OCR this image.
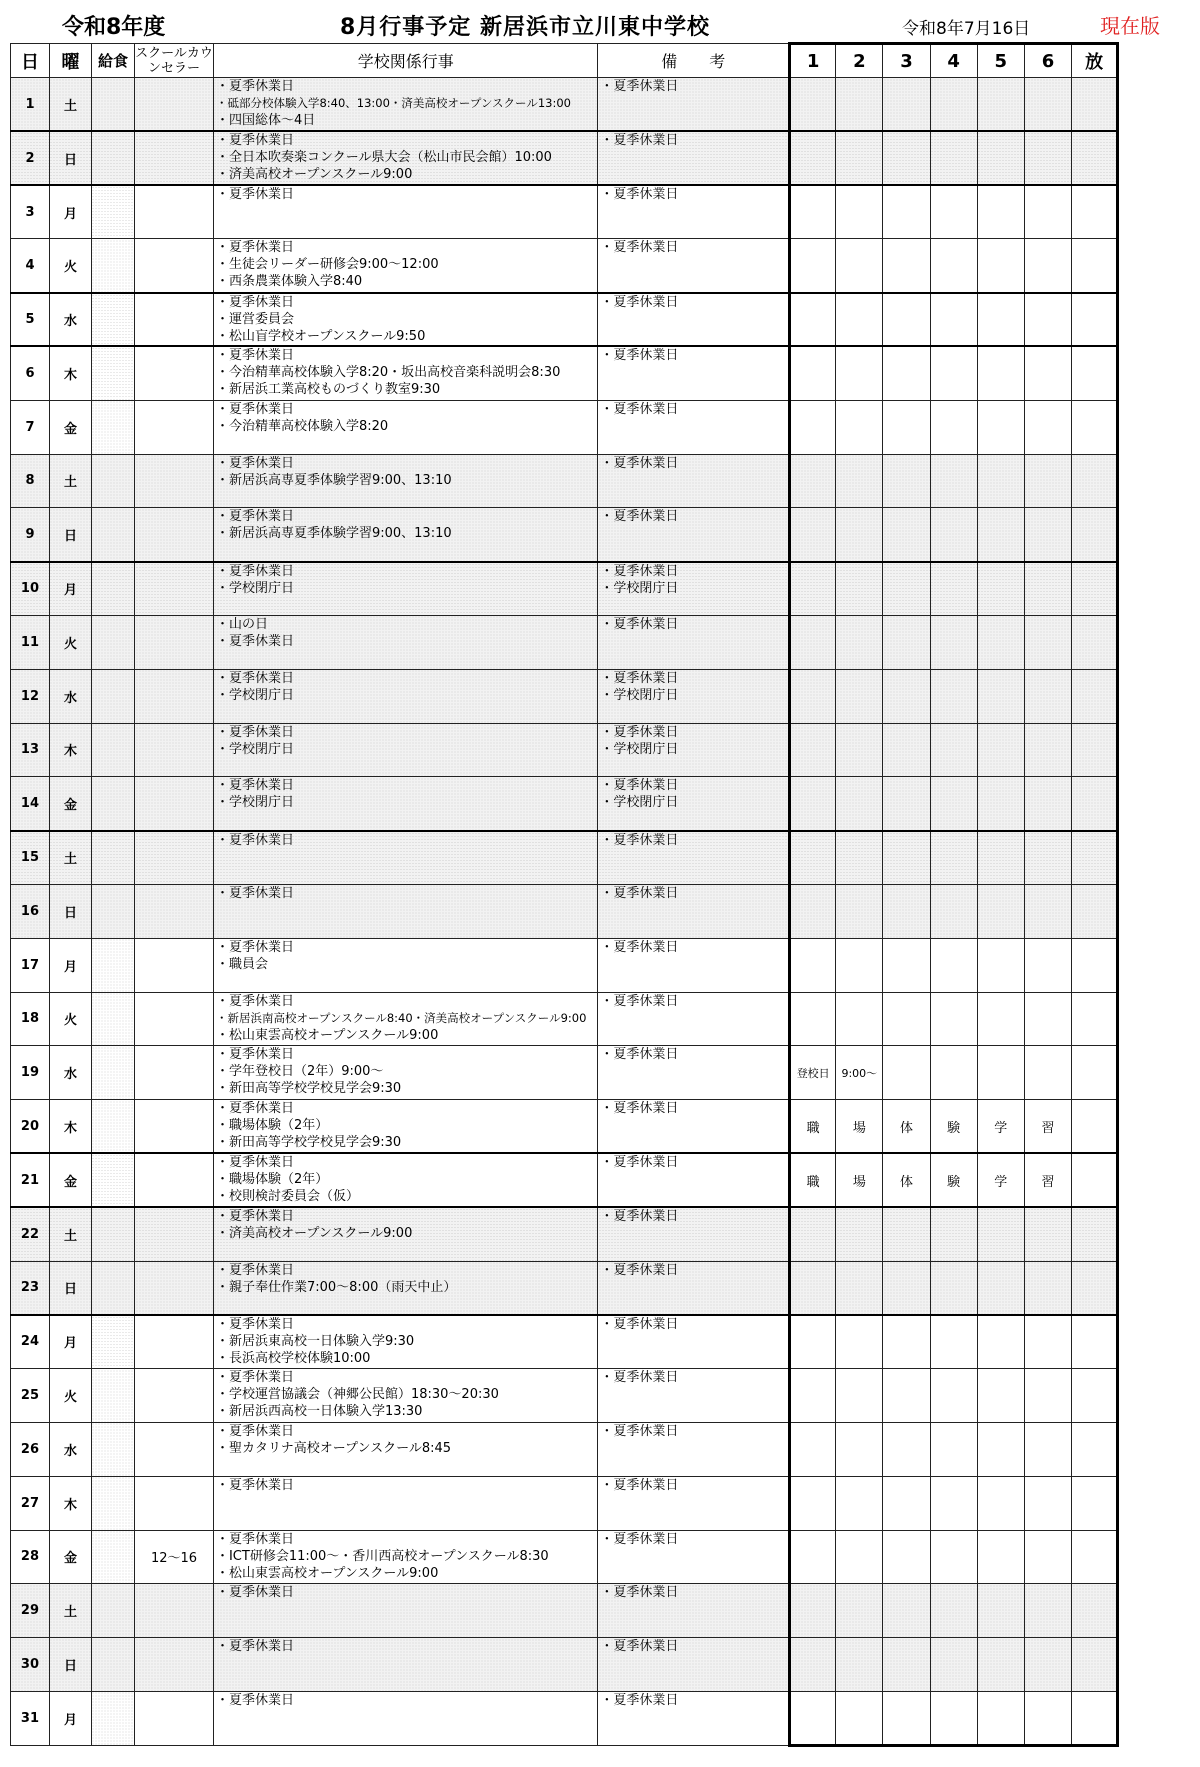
令和8年度	8月行事予定 新居浜市立川東中学校	令和8年7月16日	現在版
日	曜	給食	スクールカウンセラー	学校関係行事	備　　考	1	2	3	4	5	6	放	
1	土			・夏季休業日
・砥部分校体験入学8:40、13:00・済美高校オープンスクール13:00
・四国総体～4日	・夏季休業日								

2	日			・夏季休業日
・全日本吹奏楽コンクール県大会（松山市民会館）10:00
・済美高校オープンスクール9:00	・夏季休業日								

3	月			・夏季休業日	・夏季休業日								

4	火			・夏季休業日
・生徒会リーダー研修会9:00～12:00
・西条農業体験入学8:40	・夏季休業日								

5	水			・夏季休業日
・運営委員会
・松山盲学校オープンスクール9:50	・夏季休業日								

6	木			・夏季休業日
・今治精華高校体験入学8:20・坂出高校音楽科説明会8:30
・新居浜工業高校ものづくり教室9:30	・夏季休業日								

7	金			・夏季休業日
・今治精華高校体験入学8:20	・夏季休業日								

8	土			・夏季休業日
・新居浜高専夏季体験学習9:00、13:10	・夏季休業日								

9	日			・夏季休業日
・新居浜高専夏季体験学習9:00、13:10	・夏季休業日								

10	月			・夏季休業日
・学校閉庁日	・夏季休業日
・学校閉庁日								

11	火			・山の日
・夏季休業日	・夏季休業日								

12	水			・夏季休業日
・学校閉庁日	・夏季休業日
・学校閉庁日								

13	木			・夏季休業日
・学校閉庁日	・夏季休業日
・学校閉庁日								

14	金			・夏季休業日
・学校閉庁日	・夏季休業日
・学校閉庁日								

15	土			・夏季休業日	・夏季休業日								

16	日			・夏季休業日	・夏季休業日								

17	月			・夏季休業日
・職員会	・夏季休業日								

18	火			・夏季休業日
・新居浜南高校オープンスクール8:40・済美高校オープンスクール9:00
・松山東雲高校オープンスクール9:00	・夏季休業日								

19	水			・夏季休業日
・学年登校日（2年）9:00～
・新田高等学校学校見学会9:30	・夏季休業日	登校日	9:00～						
20	木			・夏季休業日
・職場体験（2年）
・新田高等学校学校見学会9:30	・夏季休業日	職	場	体	験	学	習		
21	金			・夏季休業日
・職場体験（2年）
・校則検討委員会（仮）	・夏季休業日	職	場	体	験	学	習		
22	土			・夏季休業日
・済美高校オープンスクール9:00	・夏季休業日								

23	日			・夏季休業日
・親子奉仕作業7:00～8:00（雨天中止）	・夏季休業日								

24	月			・夏季休業日
・新居浜東高校一日体験入学9:30
・長浜高校学校体験10:00	・夏季休業日								

25	火			・夏季休業日
・学校運営協議会（神郷公民館）18:30～20:30
・新居浜西高校一日体験入学13:30	・夏季休業日								

26	水			・夏季休業日
・聖カタリナ高校オープンスクール8:45	・夏季休業日								

27	木			・夏季休業日	・夏季休業日								

28	金		12～16	・夏季休業日
・ICT研修会11:00～・香川西高校オープンスクール8:30
・松山東雲高校オープンスクール9:00	・夏季休業日								

29	土			・夏季休業日	・夏季休業日								

30	日			・夏季休業日	・夏季休業日								

31	月			・夏季休業日	・夏季休業日								
